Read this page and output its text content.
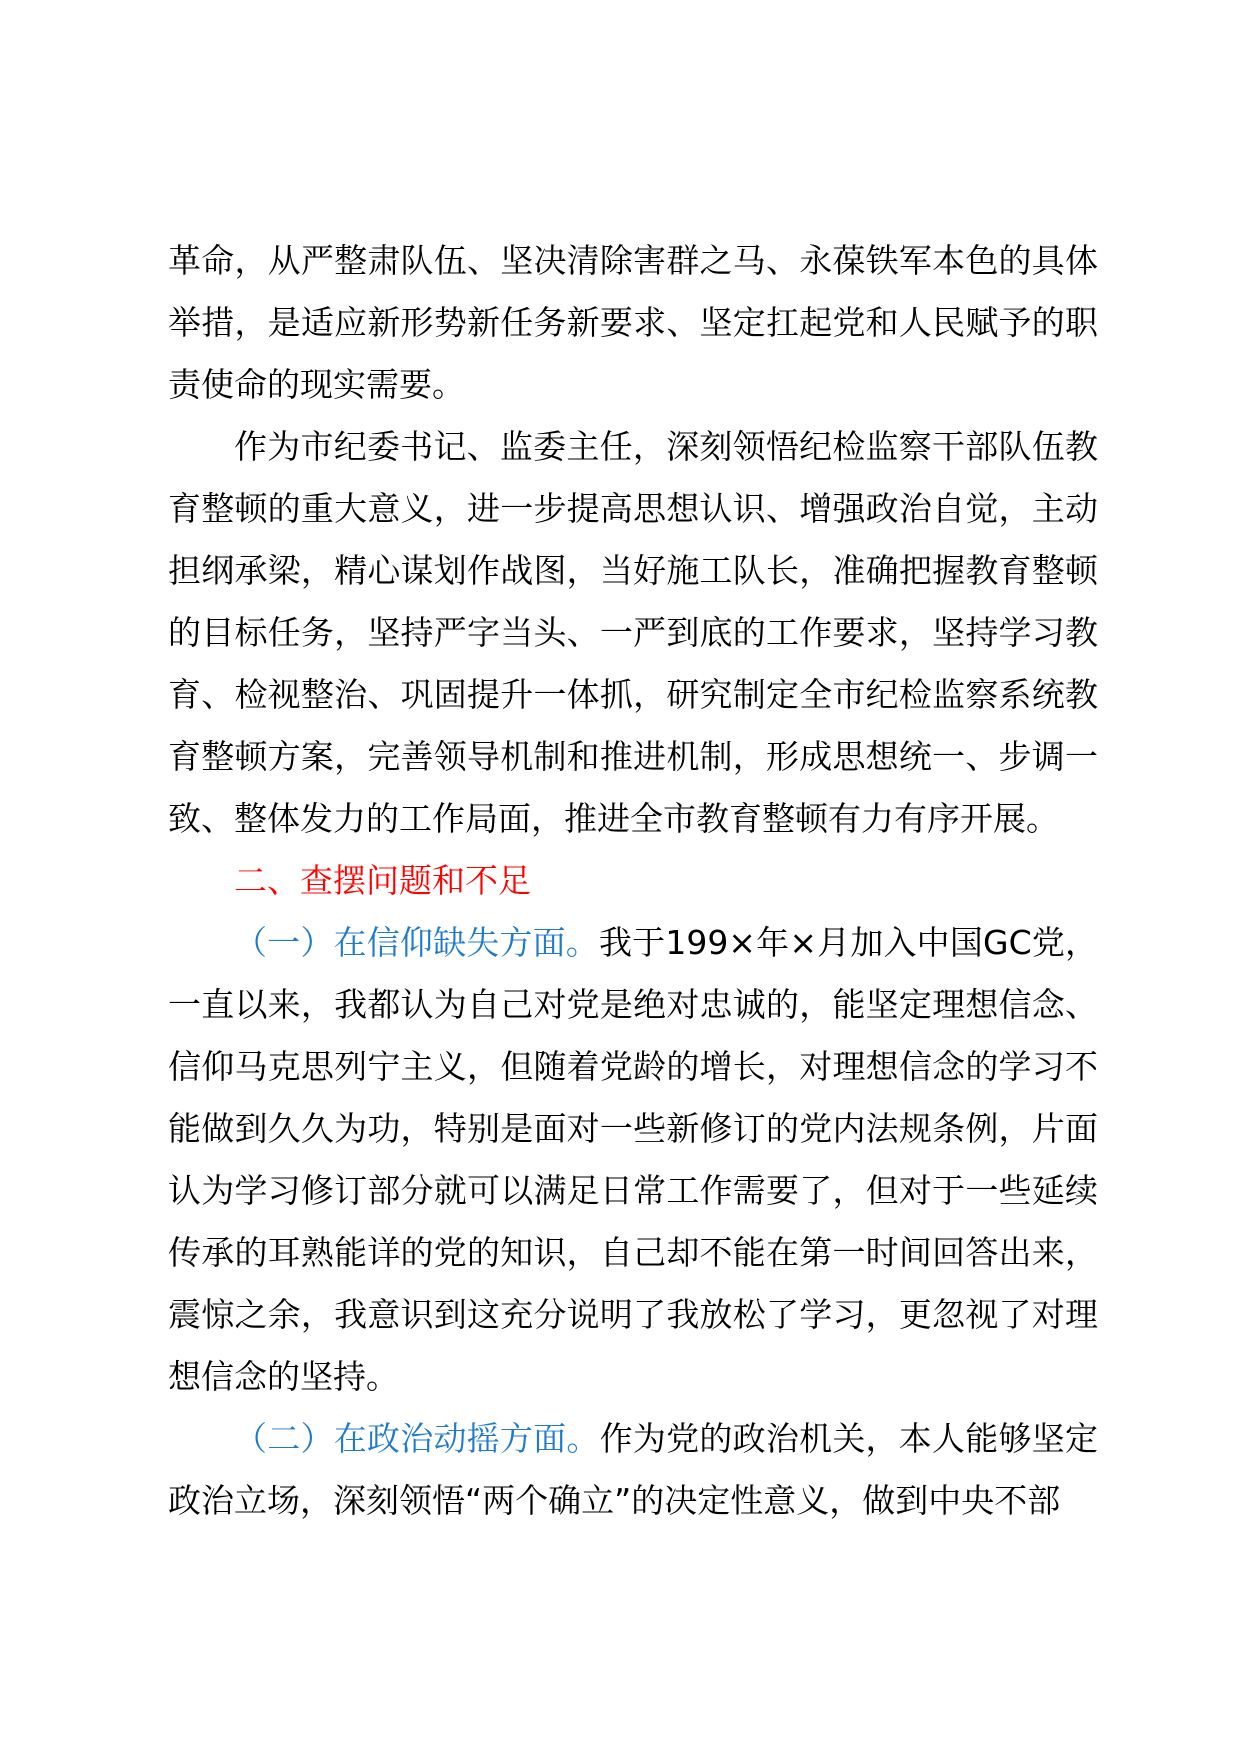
革命，从严整肃队伍、坚决清除害群之马、永葆铁军本色的具体举措，是适应新形势新任务新要求、坚定扛起党和人民赋予的职责使命的现实需要。

作为市纪委书记、监委主任，深刻领悟纪检监察干部队伍教育整顿的重大意义，进一步提高思想认识、增强政治自觉，主动担纲承梁，精心谋划作战图，当好施工队长，准确把握教育整顿的目标任务，坚持严字当头、一严到底的工作要求，坚持学习教育、检视整治、巩固提升一体抓，研究制定全市纪检监察系统教育整顿方案，完善领导机制和推进机制，形成思想统一、步调一致、整体发力的工作局面，推进全市教育整顿有力有序开展。

二、查摆问题和不足

（一）在信仰缺失方面。我于199×年×月加入中国GC党，一直以来，我都认为自己对党是绝对忠诚的，能坚定理想信念、信仰马克思列宁主义，但随着党龄的增长，对理想信念的学习不能做到久久为功，特别是面对一些新修订的党内法规条例，片面认为学习修订部分就可以满足日常工作需要了，但对于一些延续传承的耳熟能详的党的知识，自己却不能在第一时间回答出来，震惊之余，我意识到这充分说明了我放松了学习，更忽视了对理想信念的坚持。

（二）在政治动摇方面。作为党的政治机关，本人能够坚定政治立场，深刻领悟“两个确立”的决定性意义，做到中央不部
